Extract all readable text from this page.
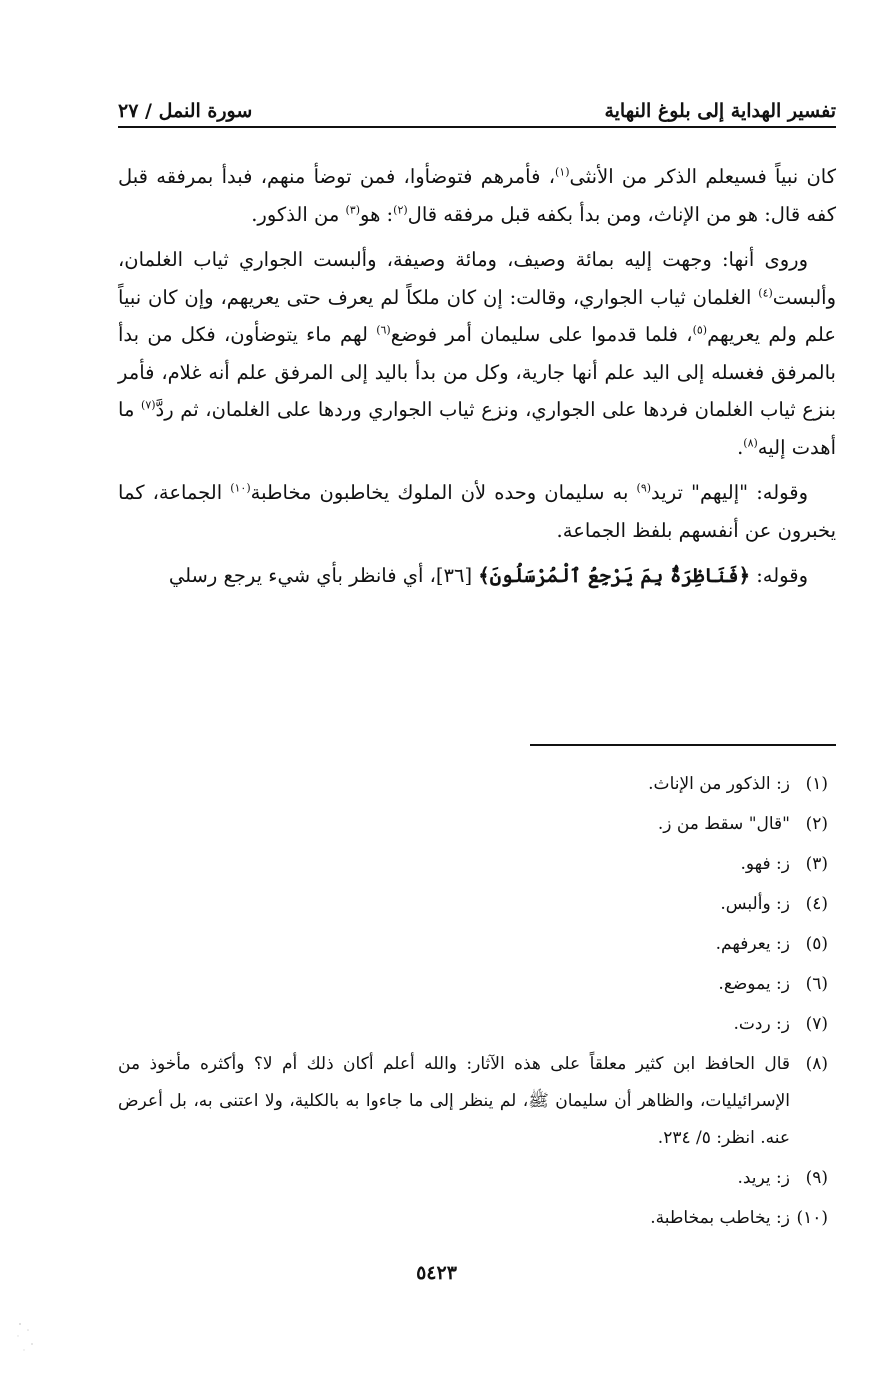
تفسير الهداية إلى بلوغ النهاية
سورة النمل / ٢٧

كان نبياً فسيعلم الذكر من الأنثى$^{(١)}$، فأمرهم فتوضأوا، فمن توضأ منهم، فبدأ بمرفقه قبل كفه قال: هو من الإناث، ومن بدأ بكفه قبل مرفقه قال$^{(٢)}$: هو$^{(٣)}$ من الذكور.

وروى أنها: وجهت إليه بمائة وصيف، ومائة وصيفة، وألبست الجواري ثياب الغلمان، وألبست$^{(٤)}$ الغلمان ثياب الجواري، وقالت: إن كان ملكاً لم يعرف حتى يعريهم، وإن كان نبياً علم ولم يعريهم$^{(٥)}$، فلما قدموا على سليمان أمر فوضع$^{(٦)}$ لهم ماء يتوضأون، فكل من بدأ بالمرفق فغسله إلى اليد علم أنها جارية، وكل من بدأ باليد إلى المرفق علم أنه غلام، فأمر بنزع ثياب الغلمان فردها على الجواري، ونزع ثياب الجواري وردها على الغلمان، ثم ردَّ$^{(٧)}$ ما أهدت إليه$^{(٨)}$.

وقوله: "إليهم" تريد$^{(٩)}$ به سليمان وحده لأن الملوك يخاطبون مخاطبة$^{(١٠)}$ الجماعة، كما يخبرون عن أنفسهم بلفظ الجماعة.

وقوله: ﴿فَنَاظِرَةٌۢ بِمَ يَرْجِعُ ٱلْمُرْسَلُونَ﴾ [٣٦]، أي فانظر بأي شيء يرجع رسلي

(١)
ز: الذكور من الإناث.
(٢)
"قال" سقط من ز.
(٣)
ز: فهو.
(٤)
ز: وألبس.
(٥)
ز: يعرفهم.
(٦)
ز: يموضع.
(٧)
ز: ردت.
(٨)
قال الحافظ ابن كثير معلقاً على هذه الآثار: والله أعلم أكان ذلك أم لا؟ وأكثره مأخوذ من الإسرائيليات، والظاهر أن سليمان ﷺ، لم ينظر إلى ما جاءوا به بالكلية، ولا اعتنى به، بل أعرض عنه. انظر: ٥/ ٢٣٤.
(٩)
ز: يريد.
(١٠)
ز: يخاطب بمخاطبة.
٥٤٢٣
